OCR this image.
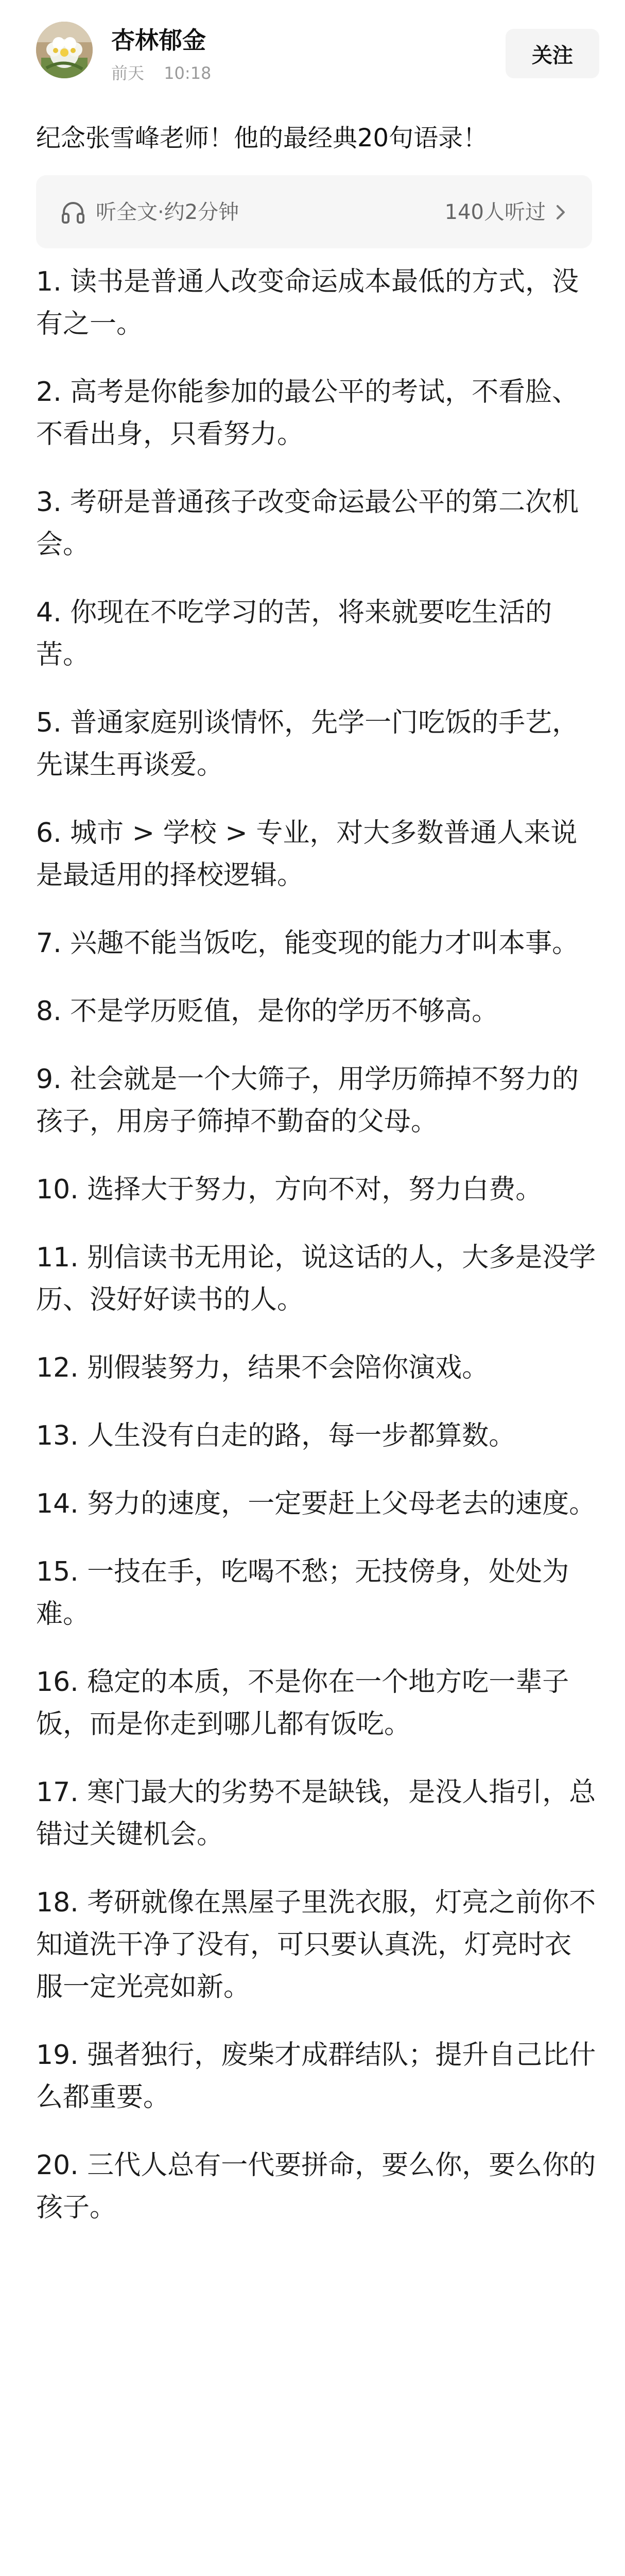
杏林郁金
前天 10:18
关注
纪念张雪峰老师！他的最经典20句语录！
听全文·约2分钟	140人听过

1. 读书是普通人改变命运成本最低的方式，没有之一。

2. 高考是你能参加的最公平的考试，不看脸、不看出身，只看努力。

3. 考研是普通孩子改变命运最公平的第二次机会。

4. 你现在不吃学习的苦，将来就要吃生活的苦。

5. 普通家庭别谈情怀，先学一门吃饭的手艺，先谋生再谈爱。

6. 城市 > 学校 > 专业，对大多数普通人来说是最适用的择校逻辑。

7. 兴趣不能当饭吃，能变现的能力才叫本事。

8. 不是学历贬值，是你的学历不够高。

9. 社会就是一个大筛子，用学历筛掉不努力的孩子，用房子筛掉不勤奋的父母。

10. 选择大于努力，方向不对，努力白费。

11. 别信读书无用论，说这话的人，大多是没学历、没好好读书的人。

12. 别假装努力，结果不会陪你演戏。

13. 人生没有白走的路，每一步都算数。

14. 努力的速度，一定要赶上父母老去的速度。

15. 一技在手，吃喝不愁；无技傍身，处处为难。

16. 稳定的本质，不是你在一个地方吃一辈子饭，而是你走到哪儿都有饭吃。

17. 寒门最大的劣势不是缺钱，是没人指引，总错过关键机会。

18. 考研就像在黑屋子里洗衣服，灯亮之前你不知道洗干净了没有，可只要认真洗，灯亮时衣服一定光亮如新。

19. 强者独行，废柴才成群结队；提升自己比什么都重要。

20. 三代人总有一代要拼命，要么你，要么你的孩子。
